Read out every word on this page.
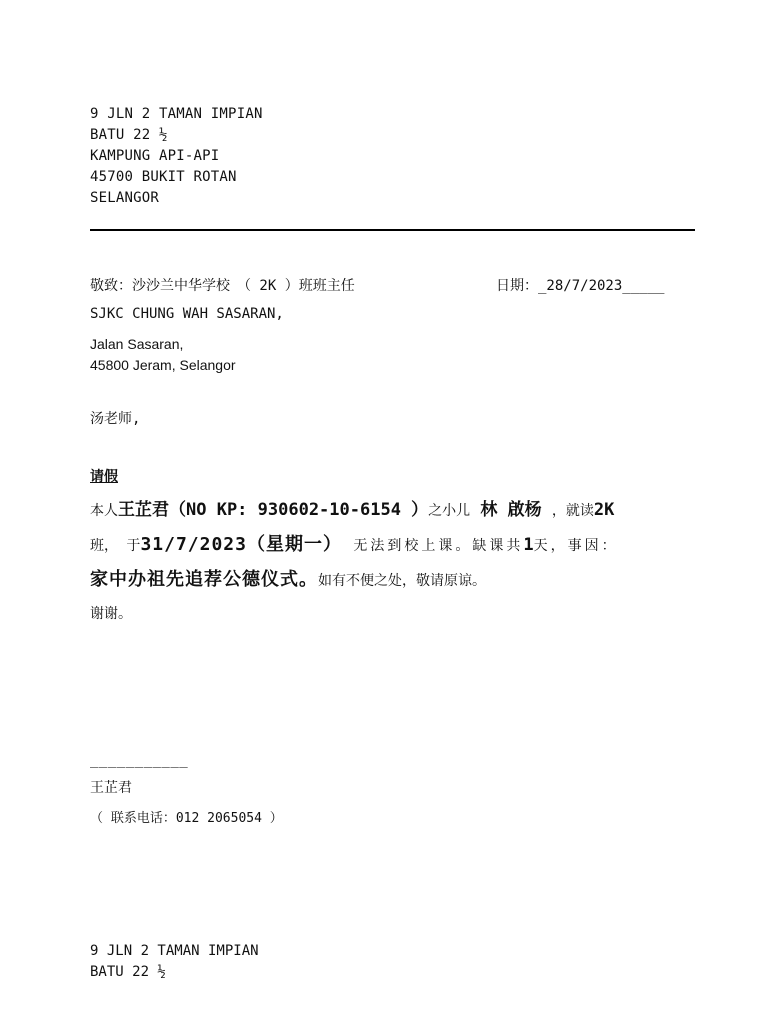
9 JLN 2 TAMAN IMPIAN
BATU 22 ½
KAMPUNG API-API
45700 BUKIT ROTAN
SELANGOR
敬致：沙沙兰中华学校　（ 2K ）班班主任	日期：_28/7/2023_____
SJKC CHUNG WAH SASARAN,
Jalan Sasaran,
45800 Jeram, Selangor
汤老师,
请假
本人王芷君（NO KP: 930602-10-6154 ）之小儿 林 啟杨 ，就读2K
班， 于31/7/2023（星期一） 无法到校上课。缺课共1天，事因：
家中办祖先追荐公德仪式。如有不便之处，敬请原谅。
谢谢。
___________
王芷君
（ 联系电话：012 2065054 ）
9 JLN 2 TAMAN IMPIAN
BATU 22 ½
